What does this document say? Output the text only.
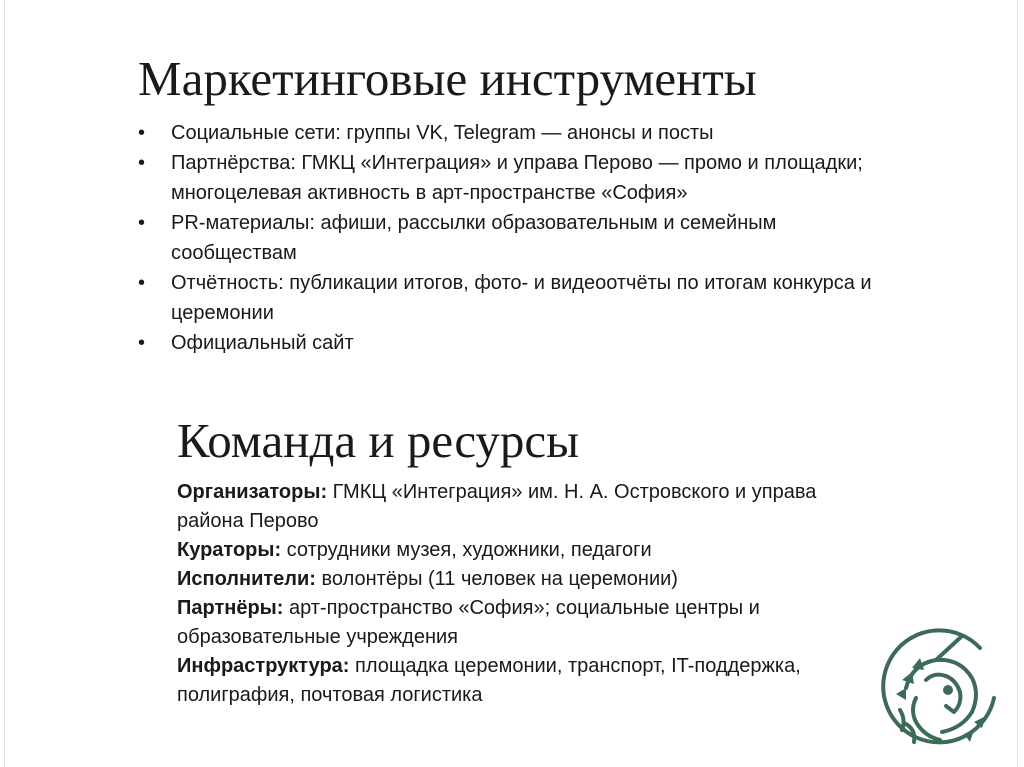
Маркетинговые инструменты
•	Социальные сети: группы VK, Telegram — анонсы и посты
•	Партнёрства: ГМКЦ «Интеграция» и управа Перово — промо и площадки; многоцелевая активность в арт-пространстве «София»
•	PR-материалы: афиши, рассылки образовательным и семейным сообществам
•	Отчётность: публикации итогов, фото- и видеоотчёты по итогам конкурса и церемонии
•	Официальный сайт
Команда и ресурсы
Организаторы: ГМКЦ «Интеграция» им. Н. А. Островского и управа района Перово
Кураторы: сотрудники музея, художники, педагоги
Исполнители: волонтёры (11 человек на церемонии)
Партнёры: арт-пространство «София»; социальные центры и образовательные учреждения
Инфраструктура: площадка церемонии, транспорт, IT-поддержка, полиграфия, почтовая логистика
